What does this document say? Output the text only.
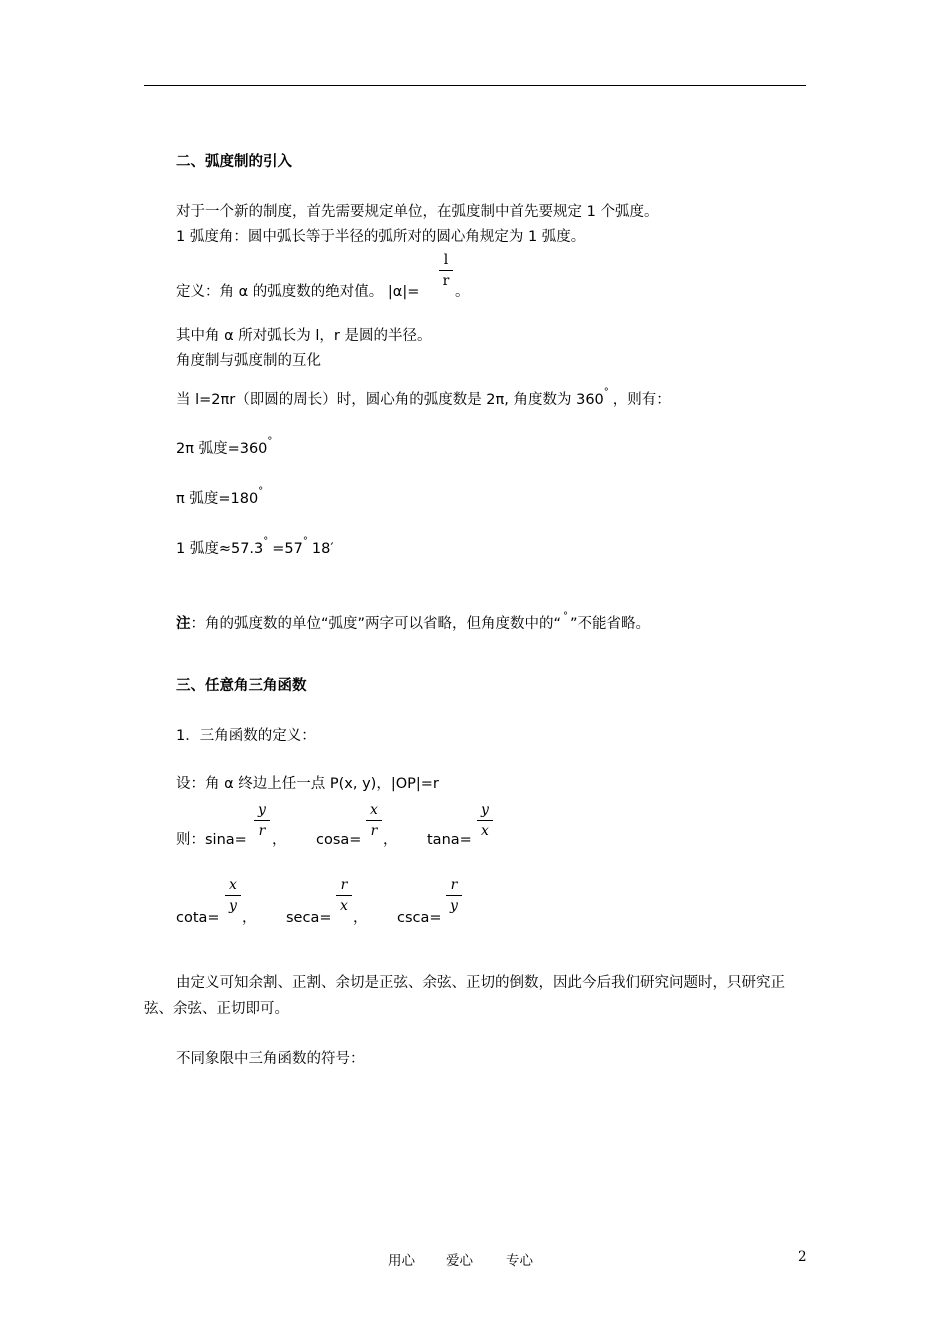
二、弧度制的引入
对于一个新的制度，首先需要规定单位，在弧度制中首先要规定 1 个弧度。
1 弧度角：圆中弧长等于半径的弧所对的圆心角规定为 1 弧度。
定义：角 α 的弧度数的绝对值。 |α|=
l
r
。
其中角 α 所对弧长为 l，r 是圆的半径。
角度制与弧度制的互化
当 l=2πr（即圆的周长）时，圆心角的弧度数是 2π, 角度数为 360° ，则有：
2π 弧度=360°
π 弧度=180°
1 弧度≈57.3° =57° 18′
注：角的弧度数的单位“弧度”两字可以省略，但角度数中的“ ° ”不能省略。
三、任意角三角函数
1．三角函数的定义：
设：角 α 终边上任一点 P(x, y)，|OP|=r
则：sina=
y
r
， cosa=
x
r
， tana=
y
x
cota=
x
y
， seca=
r
x
， csca=
r
y
由定义可知余割、正割、余切是正弦、余弦、正切的倒数，因此今后我们研究问题时，只研究正弦、余弦、正切即可。
不同象限中三角函数的符号：
用心 爱心 专心	2
